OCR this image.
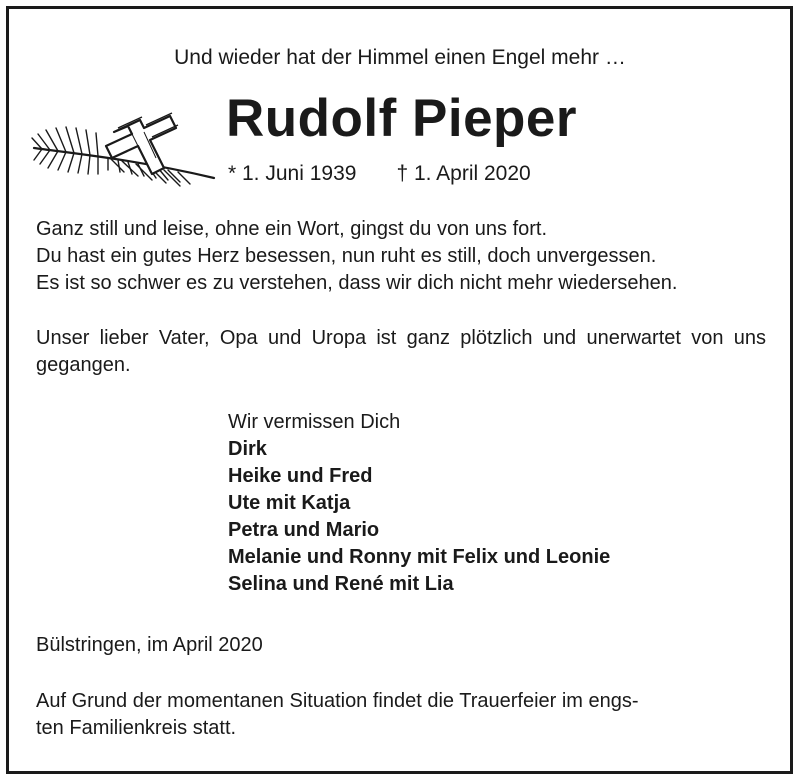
Und wieder hat der Himmel einen Engel mehr …
Rudolf Pieper
* 1. Juni 1939 † 1. April 2020
Ganz still und leise, ohne ein Wort, gingst du von uns fort.
Du hast ein gutes Herz besessen, nun ruht es still, doch unvergessen.
Es ist so schwer es zu verstehen, dass wir dich nicht mehr wiedersehen.
Unser lieber Vater, Opa und Uropa ist ganz plötzlich und unerwartet von uns gegangen.
Wir vermissen Dich
Dirk
Heike und Fred
Ute mit Katja
Petra und Mario
Melanie und Ronny mit Felix und Leonie
Selina und René mit Lia
Bülstringen, im April 2020
Auf Grund der momentanen Situation findet die Trauerfeier im engs-
ten Familienkreis statt.
